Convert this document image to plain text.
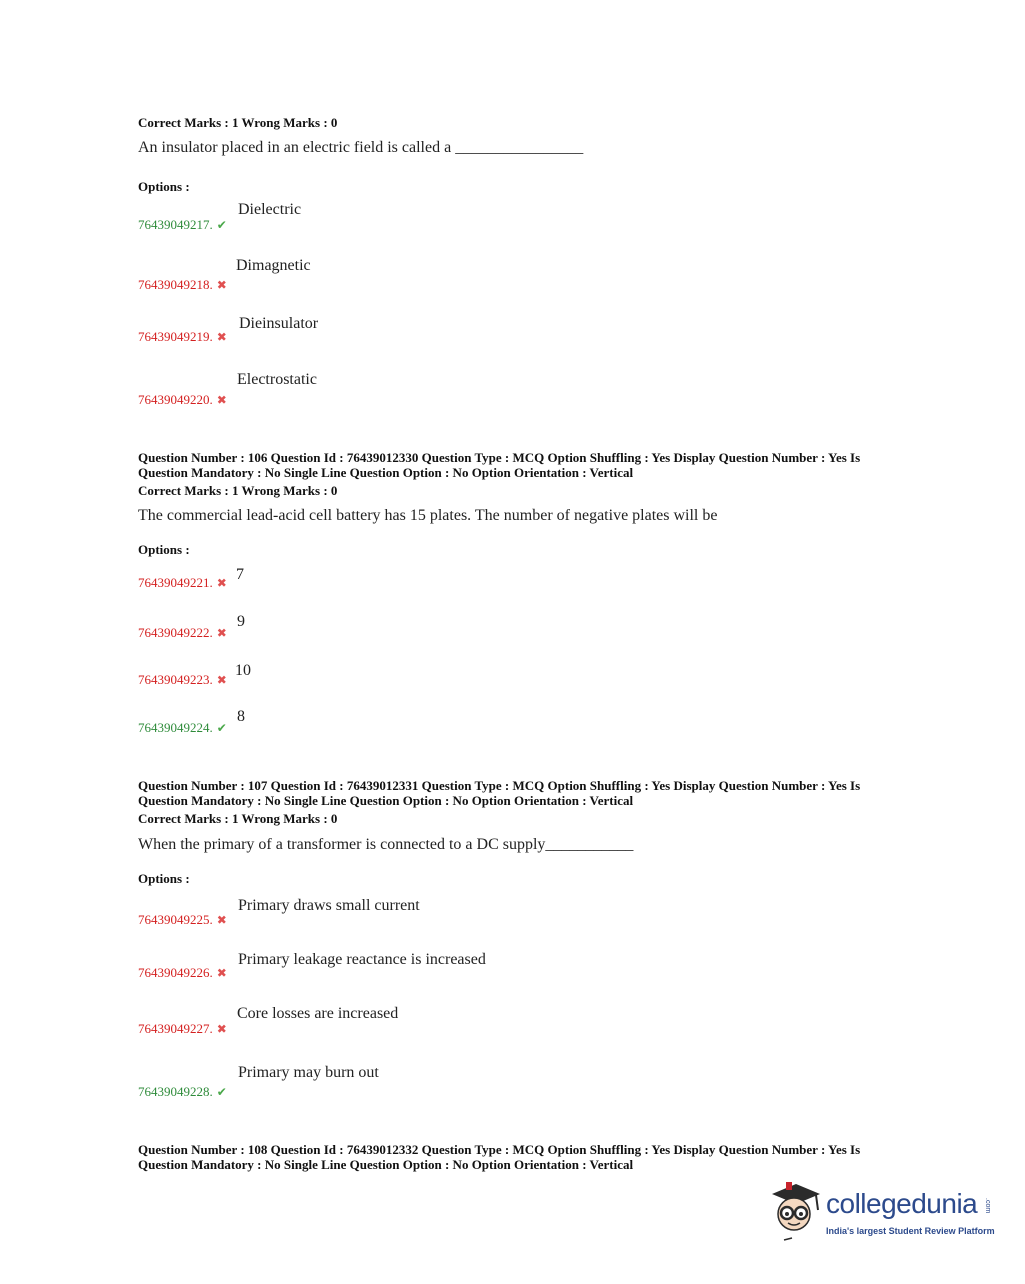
Correct Marks : 1 Wrong Marks : 0
An insulator placed in an electric field is called a ________________
Options :
76439049217. ✔
Dielectric
76439049218. ✖
Dimagnetic
76439049219. ✖
Dieinsulator
76439049220. ✖
Electrostatic
Question Number : 106 Question Id : 76439012330 Question Type : MCQ Option Shuffling : Yes Display Question Number : Yes Is
Question Mandatory : No Single Line Question Option : No Option Orientation : Vertical
Correct Marks : 1 Wrong Marks : 0
The commercial lead-acid cell battery has 15 plates. The number of negative plates will be
Options :
76439049221. ✖ 7
76439049222. ✖
9
76439049223. ✖
10
76439049224. ✔
8
Question Number : 107 Question Id : 76439012331 Question Type : MCQ Option Shuffling : Yes Display Question Number : Yes Is
Question Mandatory : No Single Line Question Option : No Option Orientation : Vertical
Correct Marks : 1 Wrong Marks : 0
When the primary of a transformer is connected to a DC supply___________
Options :
76439049225. ✖
Primary draws small current
76439049226. ✖
Primary leakage reactance is increased
76439049227. ✖
Core losses are increased
76439049228. ✔
Primary may burn out
Question Number : 108 Question Id : 76439012332 Question Type : MCQ Option Shuffling : Yes Display Question Number : Yes Is
Question Mandatory : No Single Line Question Option : No Option Orientation : Vertical
collegedunia .com
India's largest Student Review Platform
